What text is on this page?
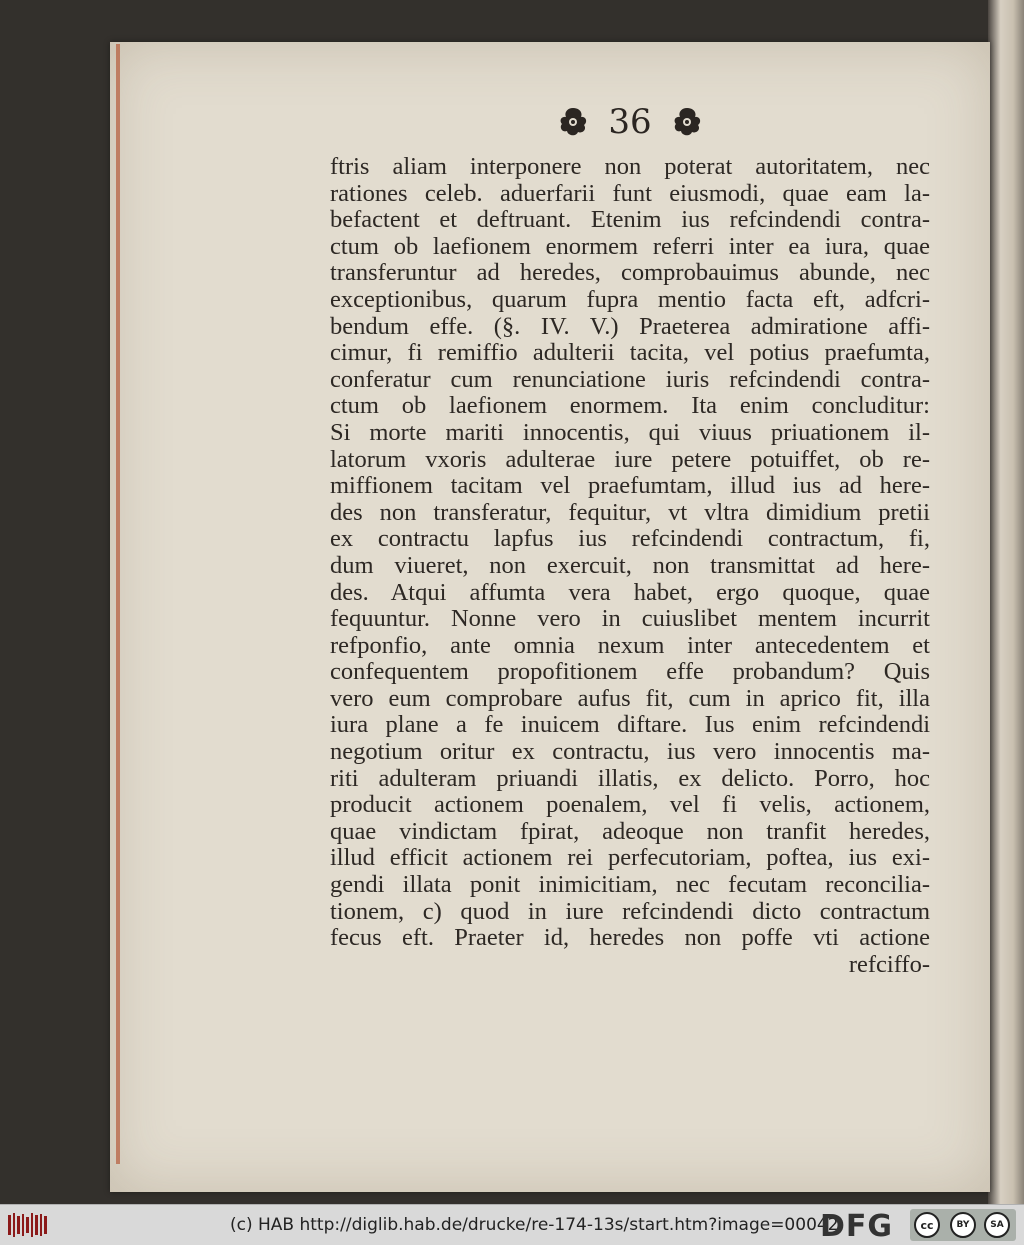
36
ftris aliam interponere non poterat autoritatem, nec
rationes celeb. aduerfarii funt eiusmodi, quae eam la-
befactent et deftruant. Etenim ius refcindendi contra-
ctum ob laefionem enormem referri inter ea iura, quae
transferuntur ad heredes, comprobauimus abunde, nec
exceptionibus, quarum fupra mentio facta eft, adfcri-
bendum effe. (§. IV. V.) Praeterea admiratione affi-
cimur, fi remiffio adulterii tacita, vel potius praefumta,
conferatur cum renunciatione iuris refcindendi contra-
ctum ob laefionem enormem. Ita enim concluditur:
Si morte mariti innocentis, qui viuus priuationem il-
latorum vxoris adulterae iure petere potuiffet, ob re-
miffionem tacitam vel praefumtam, illud ius ad here-
des non transferatur, fequitur, vt vltra dimidium pretii
ex contractu lapfus ius refcindendi contractum, fi,
dum viueret, non exercuit, non transmittat ad here-
des. Atqui affumta vera habet, ergo quoque, quae
fequuntur. Nonne vero in cuiuslibet mentem incurrit
refponfio, ante omnia nexum inter antecedentem et
confequentem propofitionem effe probandum? Quis
vero eum comprobare aufus fit, cum in aprico fit, illa
iura plane a fe inuicem diftare. Ius enim refcindendi
negotium oritur ex contractu, ius vero innocentis ma-
riti adulteram priuandi illatis, ex delicto. Porro, hoc
producit actionem poenalem, vel fi velis, actionem,
quae vindictam fpirat, adeoque non tranfit heredes,
illud efficit actionem rei perfecutoriam, poftea, ius exi-
gendi illata ponit inimicitiam, nec fecutam reconcilia-
tionem, c) quod in iure refcindendi dicto contractum
fecus eft. Praeter id, heredes non poffe vti actione
refciffo-
(c) HAB http://diglib.hab.de/drucke/re-174-13s/start.htm?image=00042
DFG	cc	BY	SA
